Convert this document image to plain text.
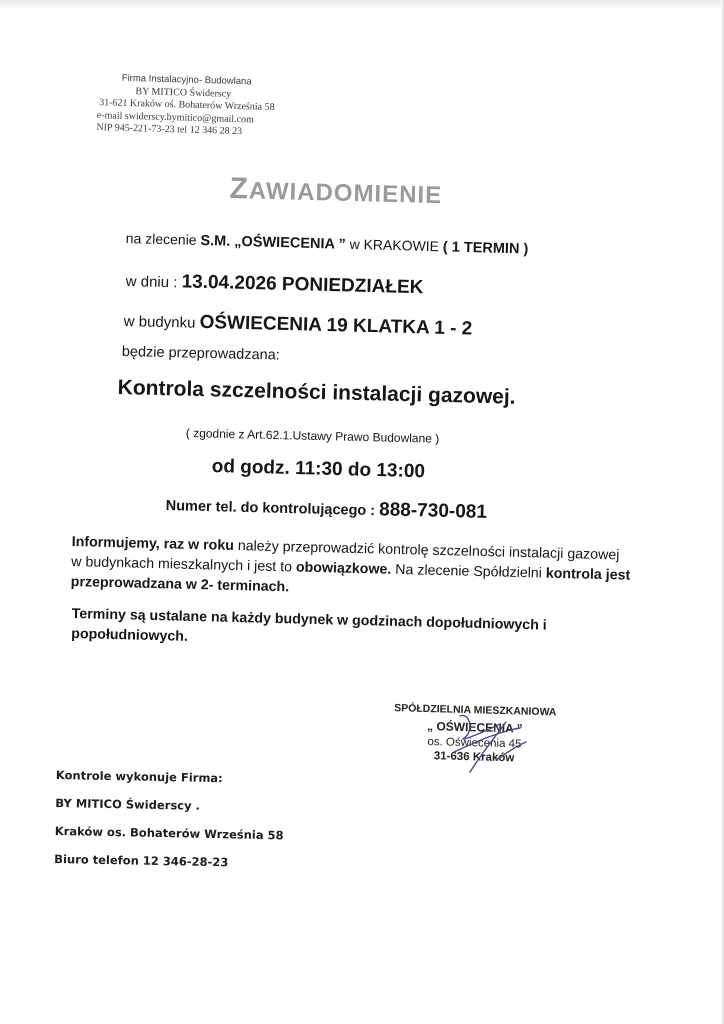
Firma Instalacyjno- Budowlana
BY MITICO Świderscy
31-621 Kraków oś. Bohaterów Września 58
e-mail swiderscy.bymitico@gmail.com
NIP 945-221-73-23 tel 12 346 28 23
ZAWIADOMIENIE
na zlecenie S.M. „OŚWIECENIA ” w KRAKOWIE ( 1 TERMIN )
w dniu : 13.04.2026 PONIEDZIAŁEK
w budynku OŚWIECENIA 19 KLATKA 1 - 2
będzie przeprowadzana:
Kontrola szczelności instalacji gazowej.
( zgodnie z Art.62.1.Ustawy Prawo Budowlane )
od godz. 11:30 do 13:00
Numer tel. do kontrolującego : 888-730-081
Informujemy, raz w roku należy przeprowadzić kontrolę szczelności instalacji gazowej w budynkach mieszkalnych i jest to obowiązkowe. Na zlecenie Spółdzielni kontrola jest przeprowadzana w 2- terminach.
Terminy są ustalane na każdy budynek w godzinach dopołudniowych i popołudniowych.
SPÓŁDZIELNIA MIESZKANIOWA
„ OŚWIECENIA ”
os. Oświecenia 45
31-636 Kraków
Kontrole wykonuje Firma:
BY MITICO Świderscy .
Kraków os. Bohaterów Września 58
Biuro telefon 12 346-28-23
